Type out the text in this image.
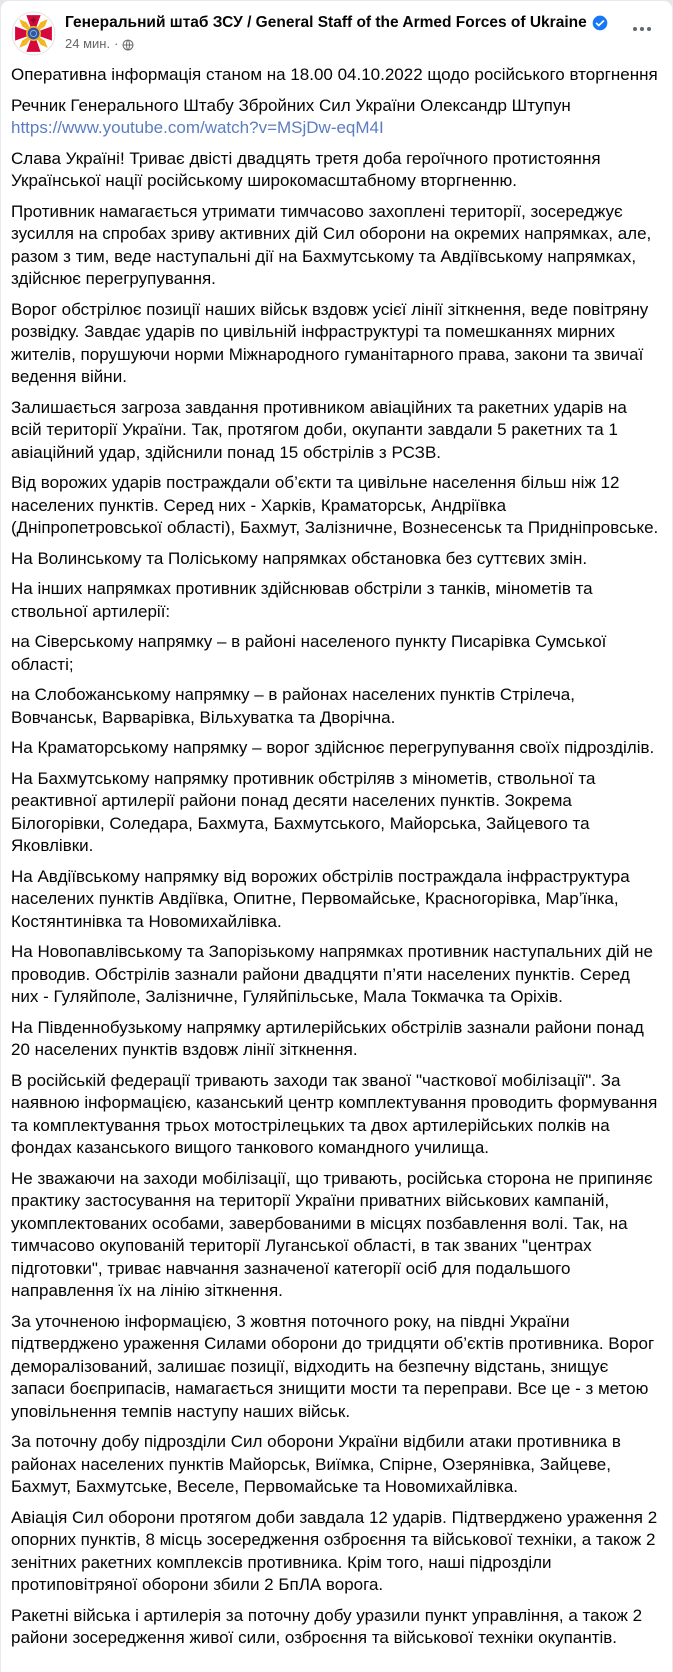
Генеральний штаб ЗСУ / General Staff of the Armed Forces of Ukraine
24 мин. ·

Оперативна інформація станом на 18.00 04.10.2022 щодо російського вторгнення

Речник Генерального Штабу Збройних Сил України Олександр Штупун

https://www.youtube.com/watch?v=MSjDw-eqM4I

Слава Україні! Триває двісті двадцять третя доба героїчного протистояння Української нації російському широкомасштабному вторгненню.

Противник намагається утримати тимчасово захоплені території, зосереджує зусилля на спробах зриву активних дій Сил оборони на окремих напрямках, але, разом з тим, веде наступальні дії на Бахмутському та Авдіївському напрямках, здійснює перегрупування.

Ворог обстрілює позиції наших військ вздовж усієї лінії зіткнення, веде повітряну розвідку. Завдає ударів по цивільній інфраструктурі та помешканнях мирних жителів, порушуючи норми Міжнародного гуманітарного права, закони та звичаї ведення війни.

Залишається загроза завдання противником авіаційних та ракетних ударів на всій території України. Так, протягом доби, окупанти завдали 5 ракетних та 1 авіаційний удар, здійснили понад 15 обстрілів з РСЗВ.

Від ворожих ударів постраждали об’єкти та цивільне населення більш ніж 12 населених пунктів. Серед них - Харків, Краматорськ, Андріївка (Дніпропетровської області), Бахмут, Залізничне, Вознесенськ та Придніпровське.

На Волинському та Поліському напрямках обстановка без суттєвих змін.

На інших напрямках противник здійснював обстріли з танків, мінометів та ствольної артилерії:

на Сіверському напрямку – в районі населеного пункту Писарівка Сумської області;

на Слобожанському напрямку – в районах населених пунктів Стрілеча, Вовчанськ, Варварівка, Вільхуватка та Дворічна.

На Краматорському напрямку – ворог здійснює перегрупування своїх підрозділів.

На Бахмутському напрямку противник обстріляв з мінометів, ствольної та реактивної артилерії райони понад десяти населених пунктів. Зокрема Білогорівки, Соледара, Бахмута, Бахмутського, Майорська, Зайцевого та Яковлівки.

На Авдіївському напрямку від ворожих обстрілів постраждала інфраструктура населених пунктів Авдіївка, Опитне, Первомайське, Красногорівка, Мар’їнка, Костянтинівка та Новомихайлівка.

На Новопавлівському та Запорізькому напрямках противник наступальних дій не проводив. Обстрілів зазнали райони двадцяти п’яти населених пунктів. Серед них - Гуляйполе, Залізничне, Гуляйпільське, Мала Токмачка та Оріхів.

На Південнобузькому напрямку артилерійських обстрілів зазнали райони понад 20 населених пунктів вздовж лінії зіткнення.

В російській федерації тривають заходи так званої "часткової мобілізації". За наявною інформацією, казанський центр комплектування проводить формування та комплектування трьох мотострілецьких та двох артилерійських полків на фондах казанського вищого танкового командного училища.

Не зважаючи на заходи мобілізації, що тривають, російська сторона не припиняє практику застосування на території України приватних військових кампаній, укомплектованих особами, завербованими в місцях позбавлення волі. Так, на тимчасово окупованій території Луганської області, в так званих "центрах підготовки", триває навчання зазначеної категорії осіб для подальшого направлення їх на лінію зіткнення.

За уточненою інформацією, 3 жовтня поточного року, на півдні України підтверджено ураження Силами оборони до тридцяти об’єктів противника. Ворог деморалізований, залишає позиції, відходить на безпечну відстань, знищує запаси боєприпасів, намагається знищити мости та переправи. Все це - з метою уповільнення темпів наступу наших військ.

За поточну добу підрозділи Сил оборони України відбили атаки противника в районах населених пунктів Майорськ, Виїмка, Спірне, Озерянівка, Зайцеве, Бахмут, Бахмутське, Веселе, Первомайське та Новомихайлівка.

Авіація Сил оборони протягом доби завдала 12 ударів. Підтверджено ураження 2 опорних пунктів, 8 місць зосередження озброєння та військової техніки, а також 2 зенітних ракетних комплексів противника. Крім того, наші підрозділи протиповітряної оборони збили 2 БпЛА ворога.

Ракетні війська і артилерія за поточну добу уразили пункт управління, а також 2 райони зосередження живої сили, озброєння та військової техніки окупантів.
